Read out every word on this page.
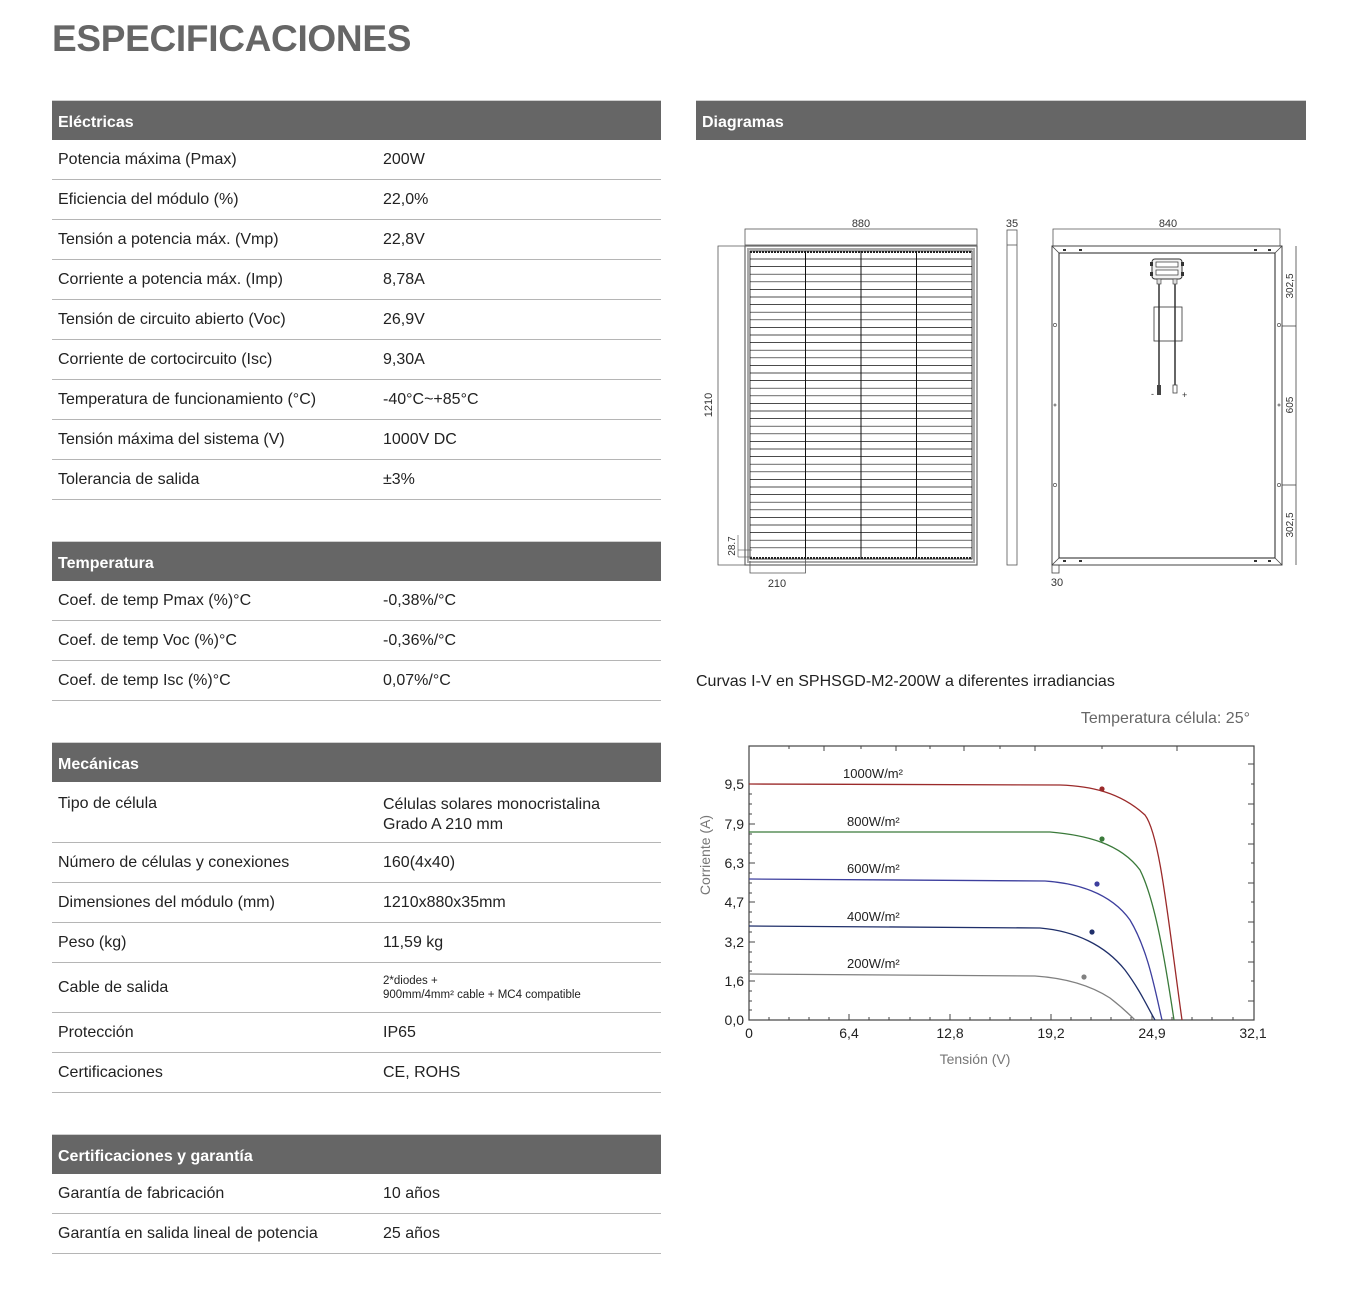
ESPECIFICACIONES
Eléctricas
Potencia máxima (Pmax)	200W
Eficiencia del módulo (%)	22,0%
Tensión a potencia máx. (Vmp)	22,8V
Corriente a potencia máx. (Imp)	8,78A
Tensión de circuito abierto (Voc)	26,9V
Corriente de cortocircuito (Isc)	9,30A
Temperatura de funcionamiento (°C)	-40°C~+85°C
Tensión máxima del sistema (V)	1000V DC
Tolerancia de salida	±3%
Temperatura
Coef. de temp Pmax (%)°C	-0,38%/°C
Coef. de temp Voc (%)°C	-0,36%/°C
Coef. de temp Isc (%)°C	0,07%/°C
Mecánicas
Tipo de célula	Células solares monocristalina
Grado A 210 mm
Número de células y conexiones	160(4x40)
Dimensiones del módulo (mm)	1210x880x35mm
Peso (kg)	11,59 kg
Cable de salida	2*diodes +
900mm/4mm² cable + MC4 compatible
Protección	IP65
Certificaciones	CE, ROHS
Certificaciones y garantía
Garantía de fabricación	10 años
Garantía en salida lineal de potencia	25 años
Diagramas
880
1210
28.7
210
35	840
302,5
605
302,5
30
-	+
Curvas I-V en SPHSGD-M2-200W a diferentes irradiancias
Temperatura célula: 25°
9,5
7,9
6,3
4,7
3,2
1,6
0,0
0	6,4	12,8	19,2	24,9	32,1
Tensión (V)
Corriente (A)
1000W/m²
800W/m²
600W/m²
400W/m²
200W/m²
